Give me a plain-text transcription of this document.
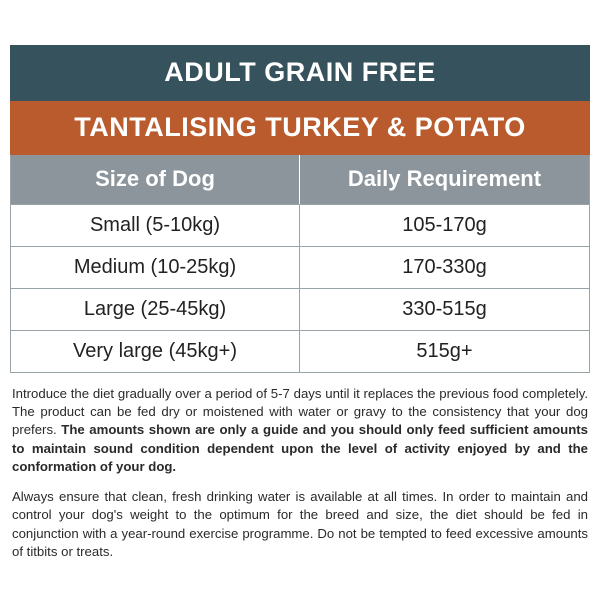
ADULT GRAIN FREE
TANTALISING TURKEY & POTATO
Size of Dog	Daily Requirement
Small (5-10kg)	105-170g
Medium (10-25kg)	170-330g
Large (25-45kg)	330-515g
Very large (45kg+)	515g+

Introduce the diet gradually over a period of 5-7 days until it replaces the previous food completely. The product can be fed dry or moistened with water or gravy to the consistency that your dog prefers. The amounts shown are only a guide and you should only feed sufficient amounts to maintain sound condition dependent upon the level of activity enjoyed by and the conformation of your dog.

Always ensure that clean, fresh drinking water is available at all times. In order to maintain and control your dog's weight to the optimum for the breed and size, the diet should be fed in conjunction with a year-round exercise programme. Do not be tempted to feed excessive amounts of titbits or treats.
